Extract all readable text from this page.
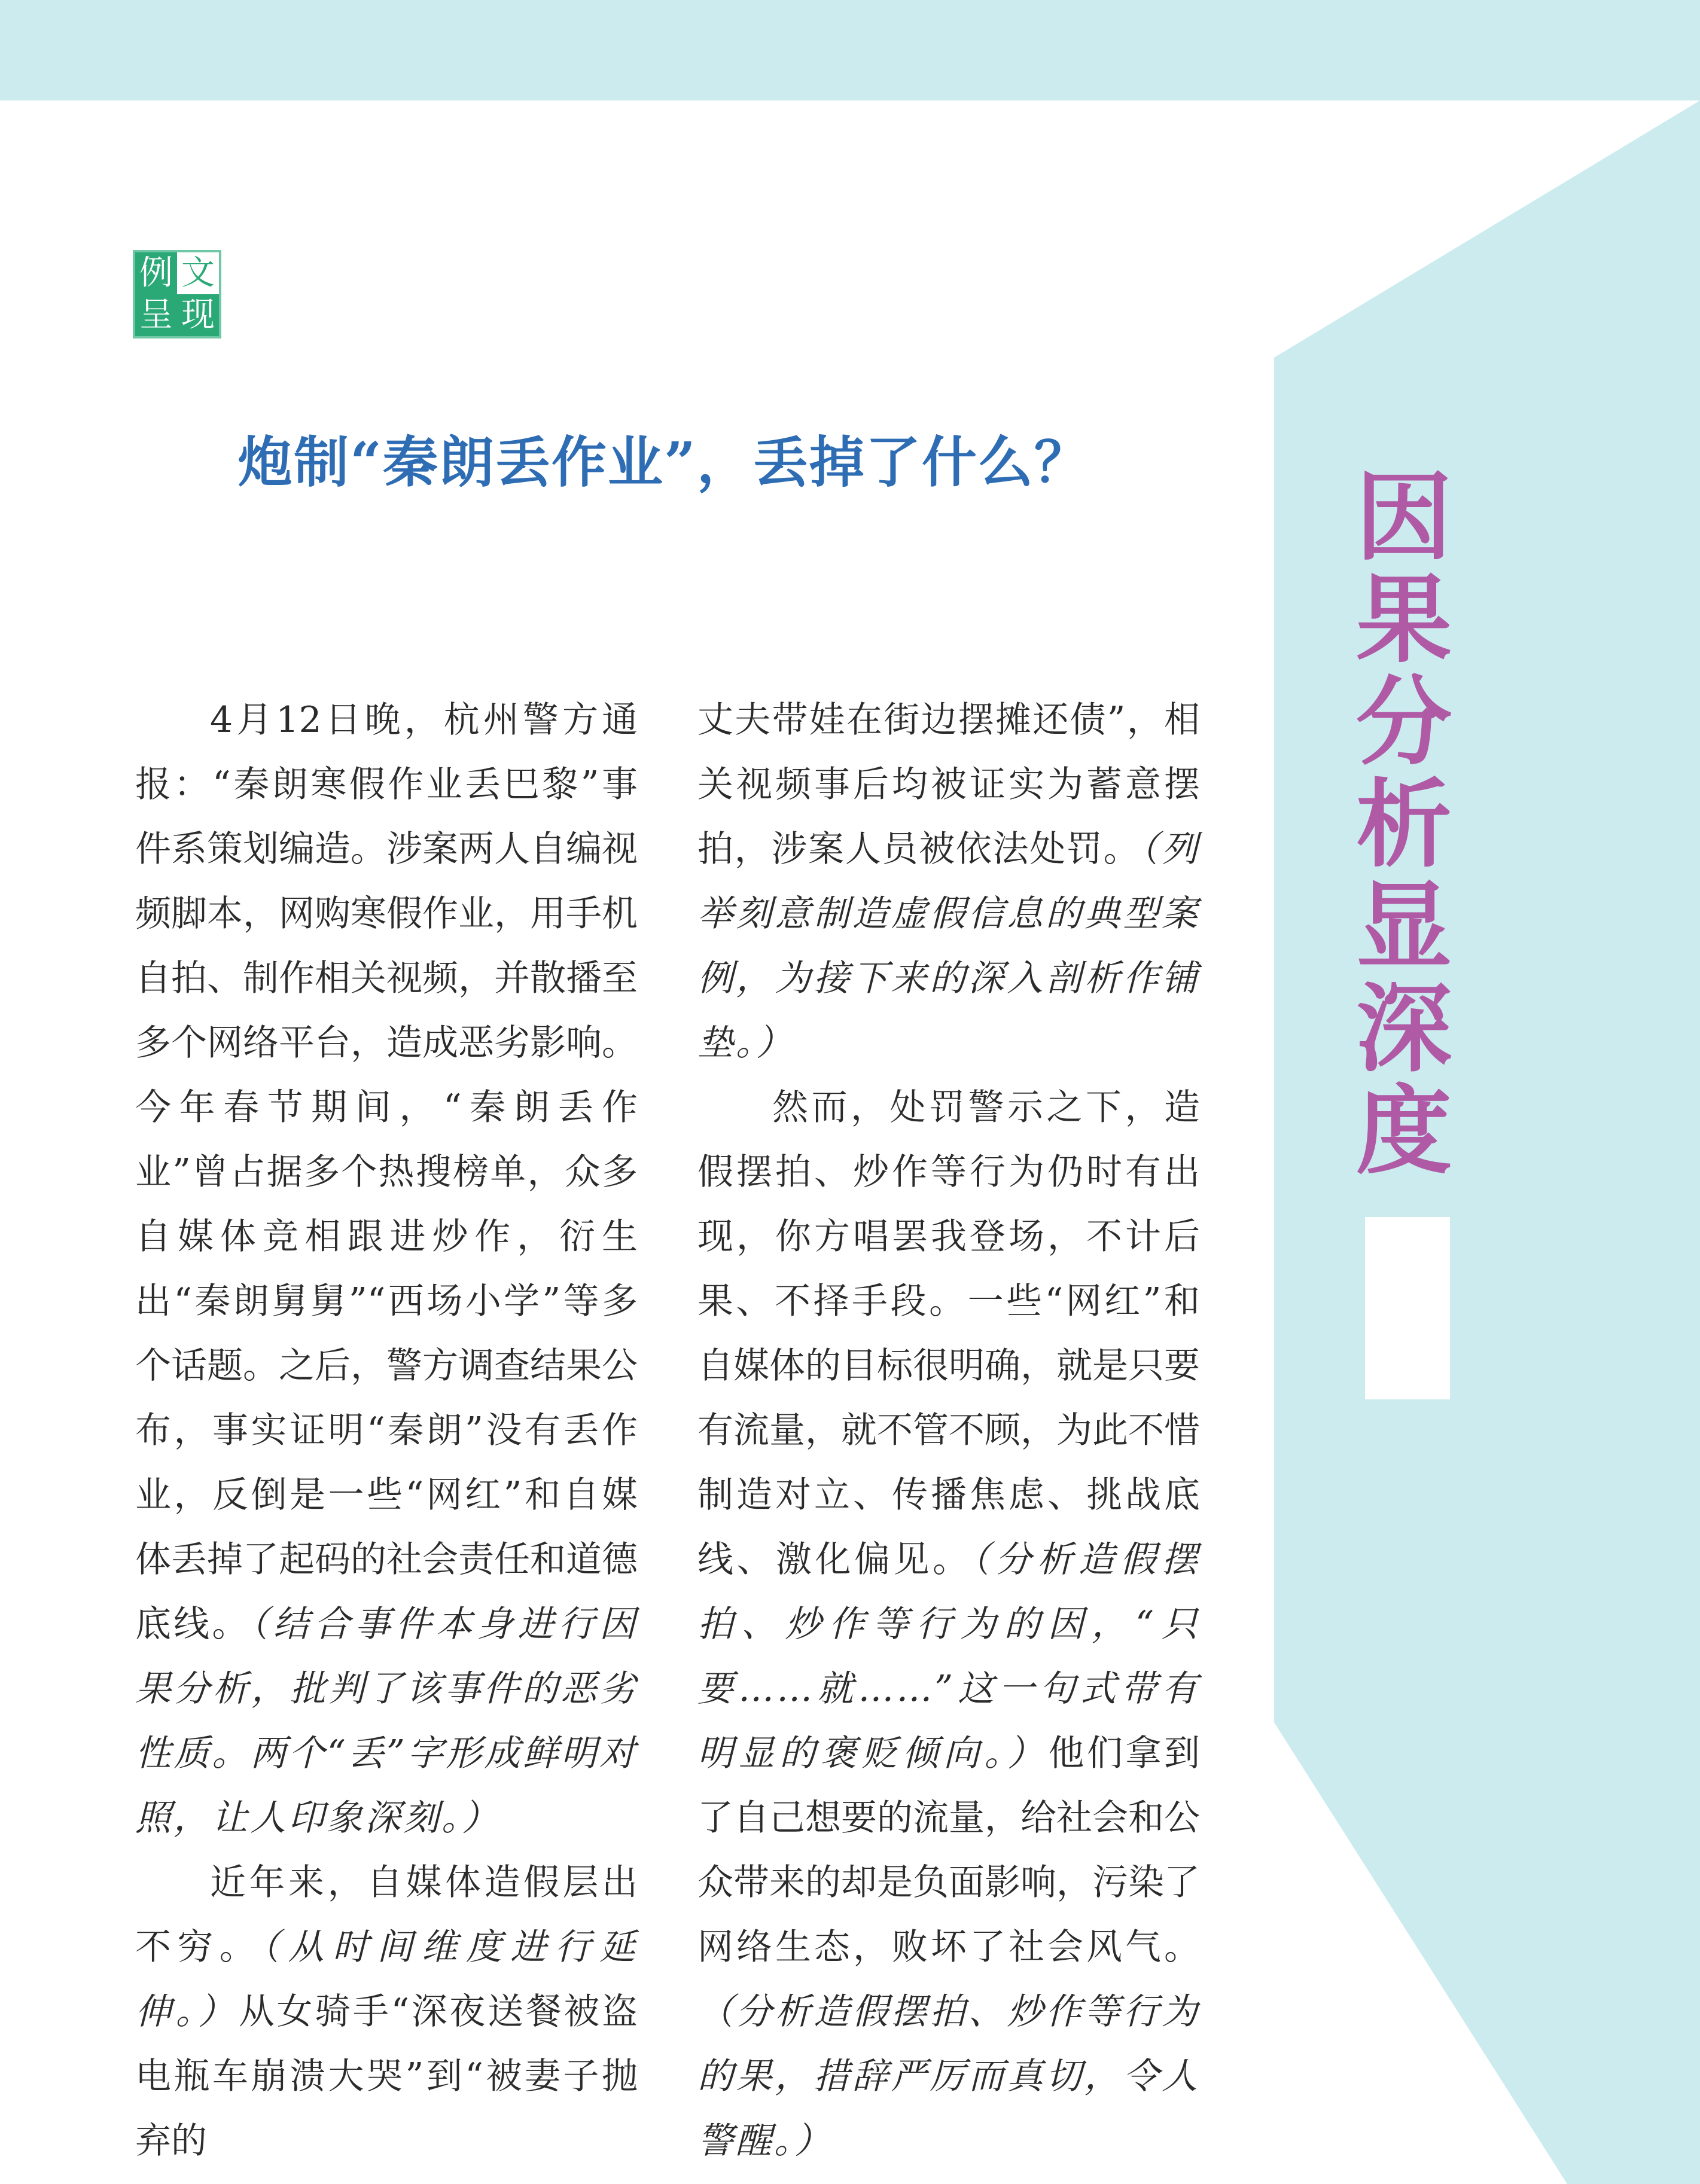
例 文
呈 现
炮制“秦朗丢作业”，丢掉了什么？

4月12日晚，杭州警方通报：“秦朗寒假作业丢巴黎”事件系策划编造。涉案两人自编视频脚本，网购寒假作业，用手机自拍、制作相关视频，并散播至多个网络平台，造成恶劣影响。今年春节期间，“秦朗丢作业”曾占据多个热搜榜单，众多自媒体竞相跟进炒作，衍生出“秦朗舅舅”“西场小学”等多个话题。之后，警方调查结果公布，事实证明“秦朗”没有丢作业，反倒是一些“网红”和自媒体丢掉了起码的社会责任和道德底线。（结合事件本身进行因果分析，批判了该事件的恶劣性质。两个“丢”字形成鲜明对照，让人印象深刻。）

近年来，自媒体造假层出不穷。（从时间维度进行延伸。）从女骑手“深夜送餐被盗电瓶车崩溃大哭”到“被妻子抛弃的

丈夫带娃在街边摆摊还债”，相关视频事后均被证实为蓄意摆拍，涉案人员被依法处罚。（列举刻意制造虚假信息的典型案例，为接下来的深入剖析作铺垫。）

然而，处罚警示之下，造假摆拍、炒作等行为仍时有出现，你方唱罢我登场，不计后果、不择手段。一些“网红”和自媒体的目标很明确，就是只要有流量，就不管不顾，为此不惜制造对立、传播焦虑、挑战底线、激化偏见。（分析造假摆拍、炒作等行为的因，“只要……就……”这一句式带有明显的褒贬倾向。）他们拿到了自己想要的流量，给社会和公众带来的却是负面影响，污染了网络生态，败坏了社会风气。（分析造假摆拍、炒作等行为的果，措辞严厉而真切，令人警醒。）

因
果
分
析
显
深
度
